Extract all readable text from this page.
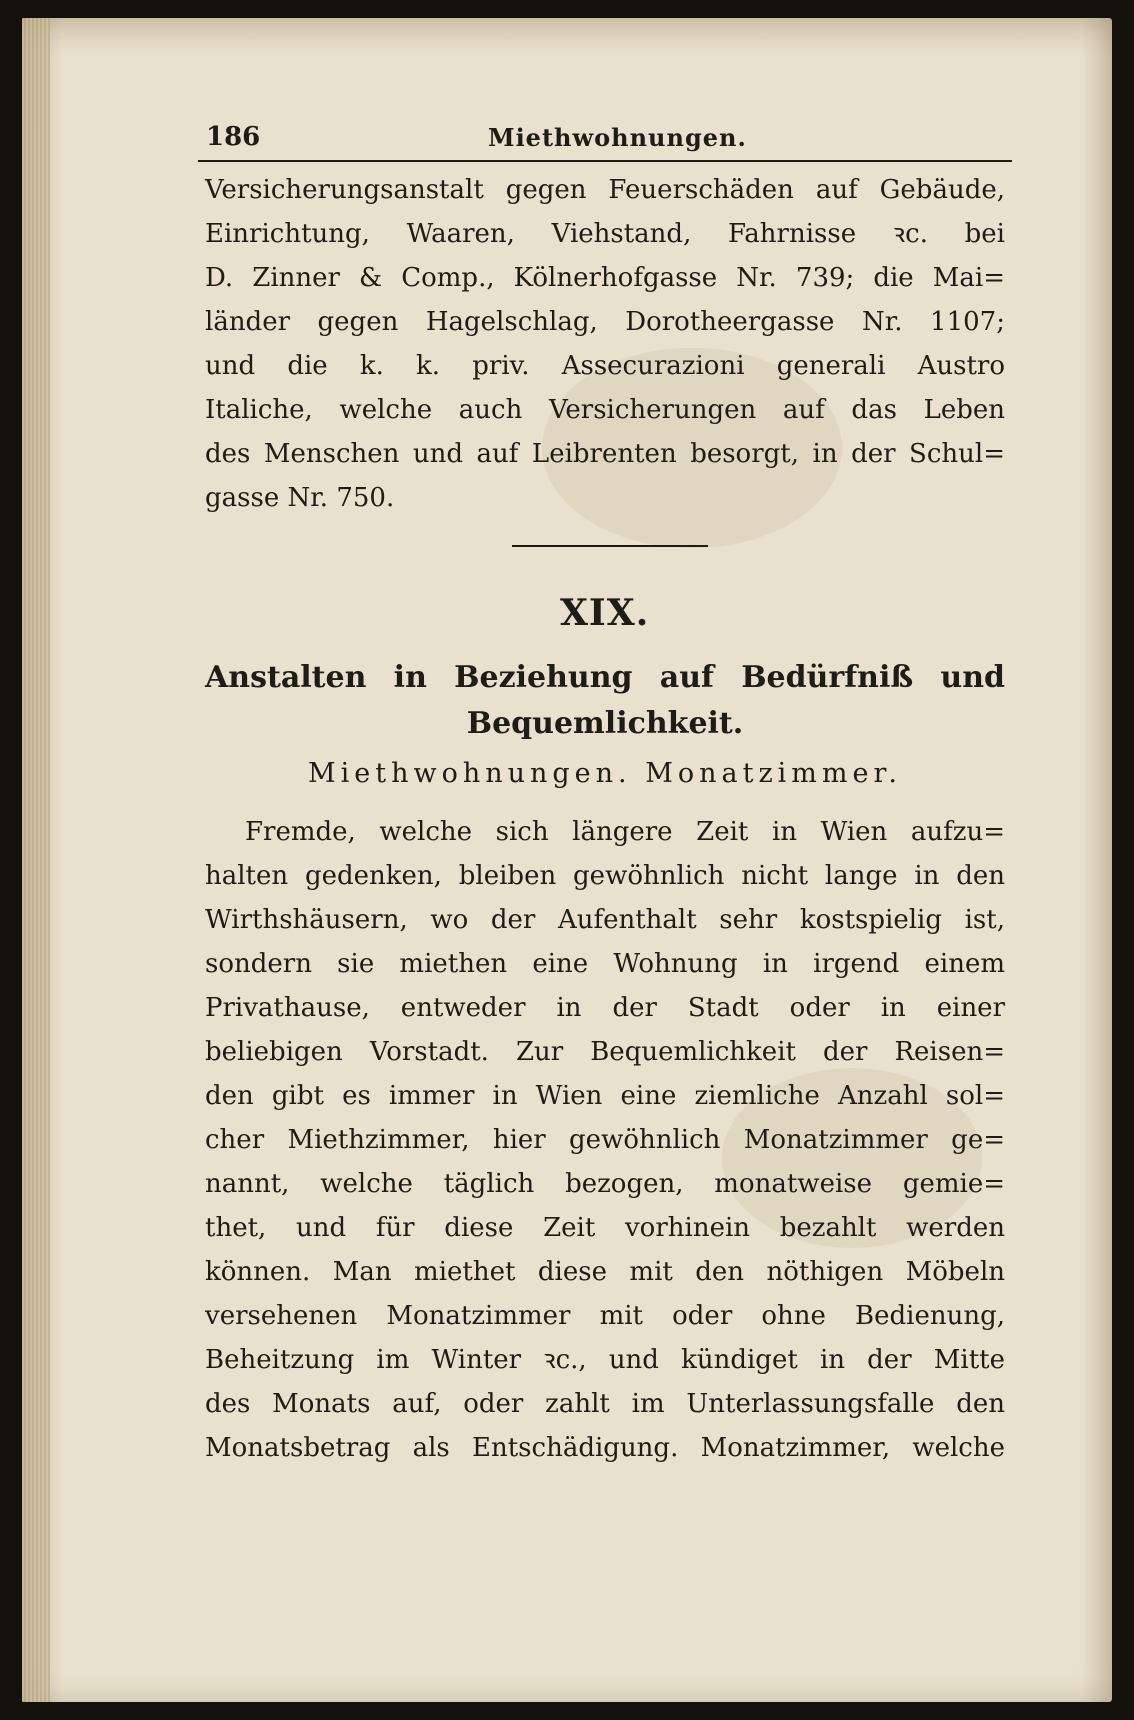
186	Miethwohnungen.
Versicherungsanstalt gegen Feuerschäden auf Gebäude,
Einrichtung, Waaren, Viehstand, Fahrnisse ꝛc. bei
D. Zinner & Comp., Kölnerhofgasse Nr. 739; die Mai=
länder gegen Hagelschlag, Dorotheergasse Nr. 1107;
und die k. k. priv. Assecurazioni generali Austro
Italiche, welche auch Versicherungen auf das Leben
des Menschen und auf Leibrenten besorgt, in der Schul=
gasse Nr. 750.
XIX.
Anstalten in Beziehung auf Bedürfniß und
Bequemlichkeit.
Miethwohnungen. Monatzimmer.
Fremde, welche sich längere Zeit in Wien aufzu=
halten gedenken, bleiben gewöhnlich nicht lange in den
Wirthshäusern, wo der Aufenthalt sehr kostspielig ist,
sondern sie miethen eine Wohnung in irgend einem
Privathause, entweder in der Stadt oder in einer
beliebigen Vorstadt. Zur Bequemlichkeit der Reisen=
den gibt es immer in Wien eine ziemliche Anzahl sol=
cher Miethzimmer, hier gewöhnlich Monatzimmer ge=
nannt, welche täglich bezogen, monatweise gemie=
thet, und für diese Zeit vorhinein bezahlt werden
können. Man miethet diese mit den nöthigen Möbeln
versehenen Monatzimmer mit oder ohne Bedienung,
Beheitzung im Winter ꝛc., und kündiget in der Mitte
des Monats auf, oder zahlt im Unterlassungsfalle den
Monatsbetrag als Entschädigung. Monatzimmer, welche
